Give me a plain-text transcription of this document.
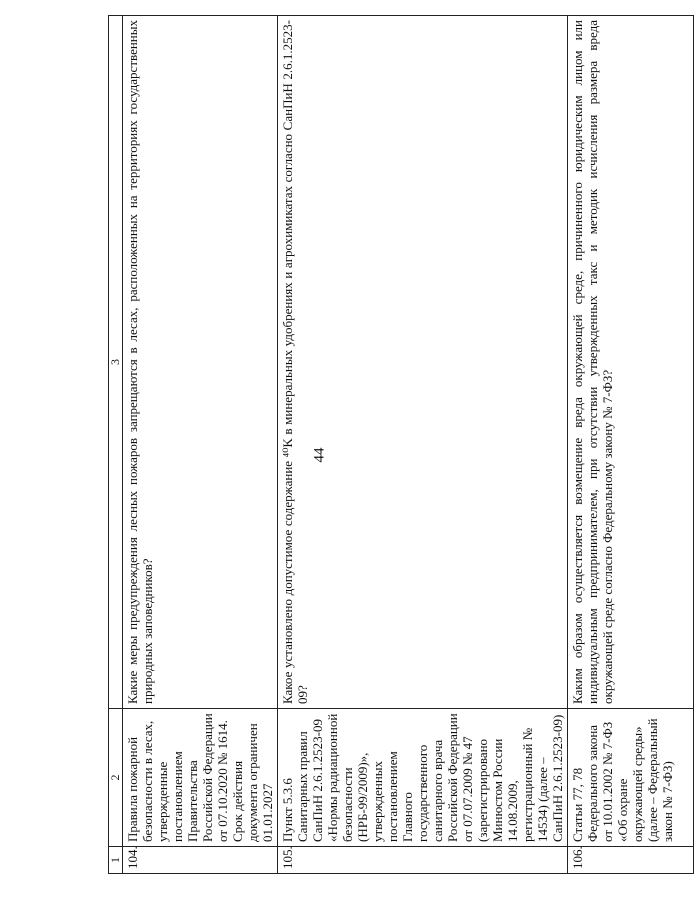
44
1	2	3
104.	Правила пожарной безопасности в лесах, утвержденные постановлением Правительства Российской Федерации от 07.10.2020 № 1614. Срок действия документа ограничен 01.01.2027	Какие меры предупреждения лесных пожаров запрещаются в лесах, расположенных на территориях государственных природных заповедников?
105.	Пункт 5.3.6 Санитарных правил СанПиН 2.6.1.2523-09 «Нормы радиационной безопасности (НРБ-99/2009)», утвержденных постановлением Главного государственного санитарного врача Российской Федерации от 07.07.2009 № 47 (зарегистрировано Минюстом России 14.08.2009, регистрационный № 14534) (далее – СанПиН 2.6.1.2523-09)	Какое установлено допустимое содержание ⁴⁰K в минеральных удобрениях и агрохимикатах согласно СанПиН 2.6.1.2523-09?
106.	Статьи 77, 78 Федерального закона от 10.01.2002 № 7-ФЗ «Об охране окружающей среды» (далее – Федеральный закон № 7-ФЗ)	Каким образом осуществляется возмещение вреда окружающей среде, причиненного юридическим лицом или индивидуальным предпринимателем, при отсутствии утвержденных такс и методик исчисления размера вреда окружающей среде согласно Федеральному закону № 7-ФЗ?
